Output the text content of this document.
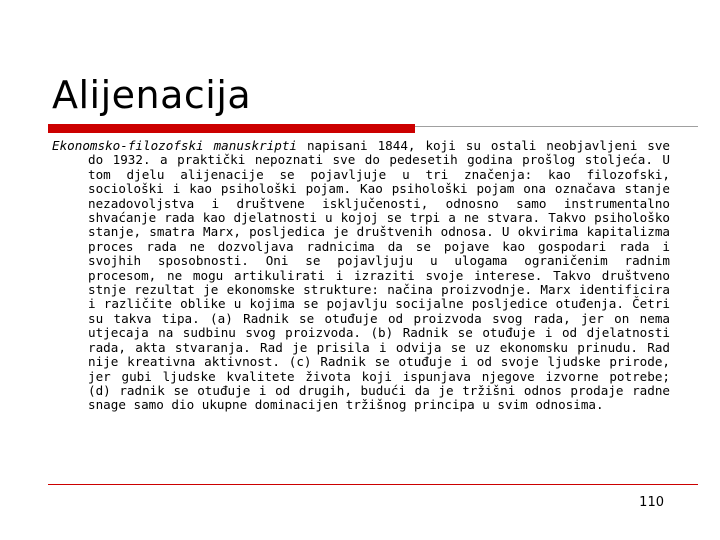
Alijenacija

Ekonomsko-filozofski manuskripti napisani 1844, koji su ostali neobjavljeni sve do 1932. a praktički nepoznati sve do pedesetih godina prošlog stoljeća. U tom djelu alijenacije se pojavljuje u tri značenja: kao filozofski, sociološki i kao psihološki pojam. Kao psihološki pojam ona označava stanje nezadovoljstva i društvene isključenosti, odnosno samo instrumentalno shvaćanje rada kao djelatnosti u kojoj se trpi a ne stvara. Takvo psihološko stanje, smatra Marx, posljedica je društvenih odnosa. U okvirima kapitalizma proces rada ne dozvoljava radnicima da se pojave kao gospodari rada i svojhih sposobnosti. Oni se pojavljuju u ulogama ograničenim radnim procesom, ne mogu artikulirati i izraziti svoje interese. Takvo društveno stnje rezultat je ekonomske strukture: načina proizvodnje. Marx identificira i različite oblike u kojima se pojavlju socijalne posljedice otuđenja. Četri su takva tipa. (a) Radnik se otuđuje od proizvoda svog rada, jer on nema utjecaja na sudbinu svog proizvoda. (b) Radnik se otuđuje i od djelatnosti rada, akta stvaranja. Rad je prisila i odvija se uz ekonomsku prinudu. Rad nije kreativna aktivnost. (c) Radnik se otuđuje i od svoje ljudske prirode, jer gubi ljudske kvalitete života koji ispunjava njegove izvorne potrebe; (d) radnik se otuđuje i od drugih, budući da je tržišni odnos prodaje radne snage samo dio ukupne dominacijen tržišnog principa u svim odnosima.

110
